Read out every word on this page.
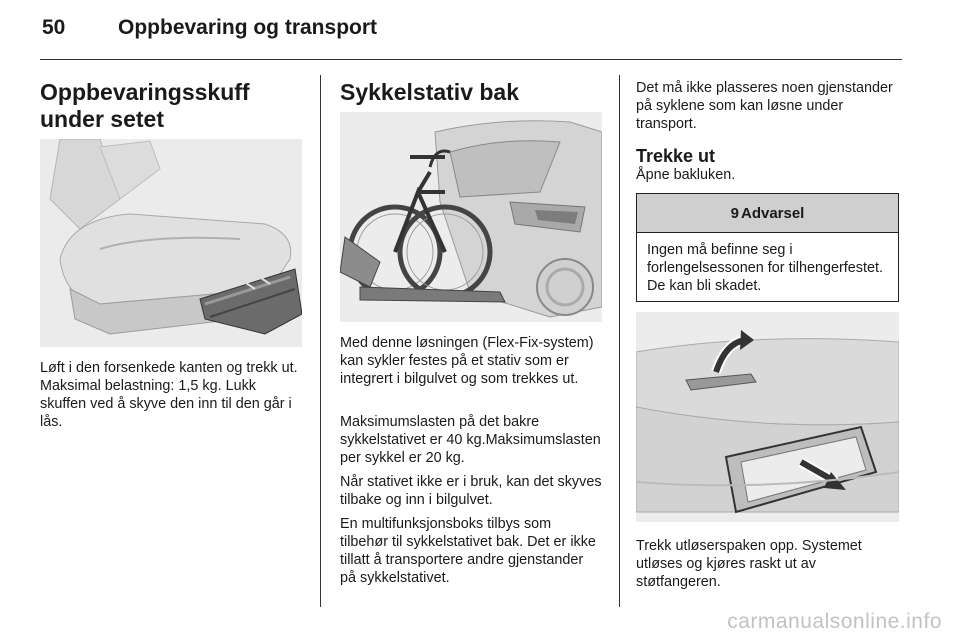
50	Oppbevaring og transport
Oppbevaringsskuff under setet

Løft i den forsenkede kanten og trekk ut. Maksimal belastning: 1,5 kg. Lukk skuffen ved å skyve den inn til den går i lås.

Sykkelstativ bak

Med denne løsningen (Flex-Fix-system) kan sykler festes på et stativ som er integrert i bilgulvet og som trekkes ut.

Maksimumslasten på det bakre sykkelstativet er 40 kg.Maksimumslasten per sykkel er 20 kg.

Når stativet ikke er i bruk, kan det skyves tilbake og inn i bilgulvet.

En multifunksjonsboks tilbys som tilbehør til sykkelstativet bak. Det er ikke tillatt å transportere andre gjenstander på sykkelstativet.

Det må ikke plasseres noen gjenstander på syklene som kan løsne under transport.

Trekke ut

Åpne bakluken.

9 Advarsel
Ingen må befinne seg i forlengelsessonen for tilhengerfestet. De kan bli skadet.

Trekk utløserspaken opp. Systemet utløses og kjøres raskt ut av støtfangeren.

carmanualsonline.info
